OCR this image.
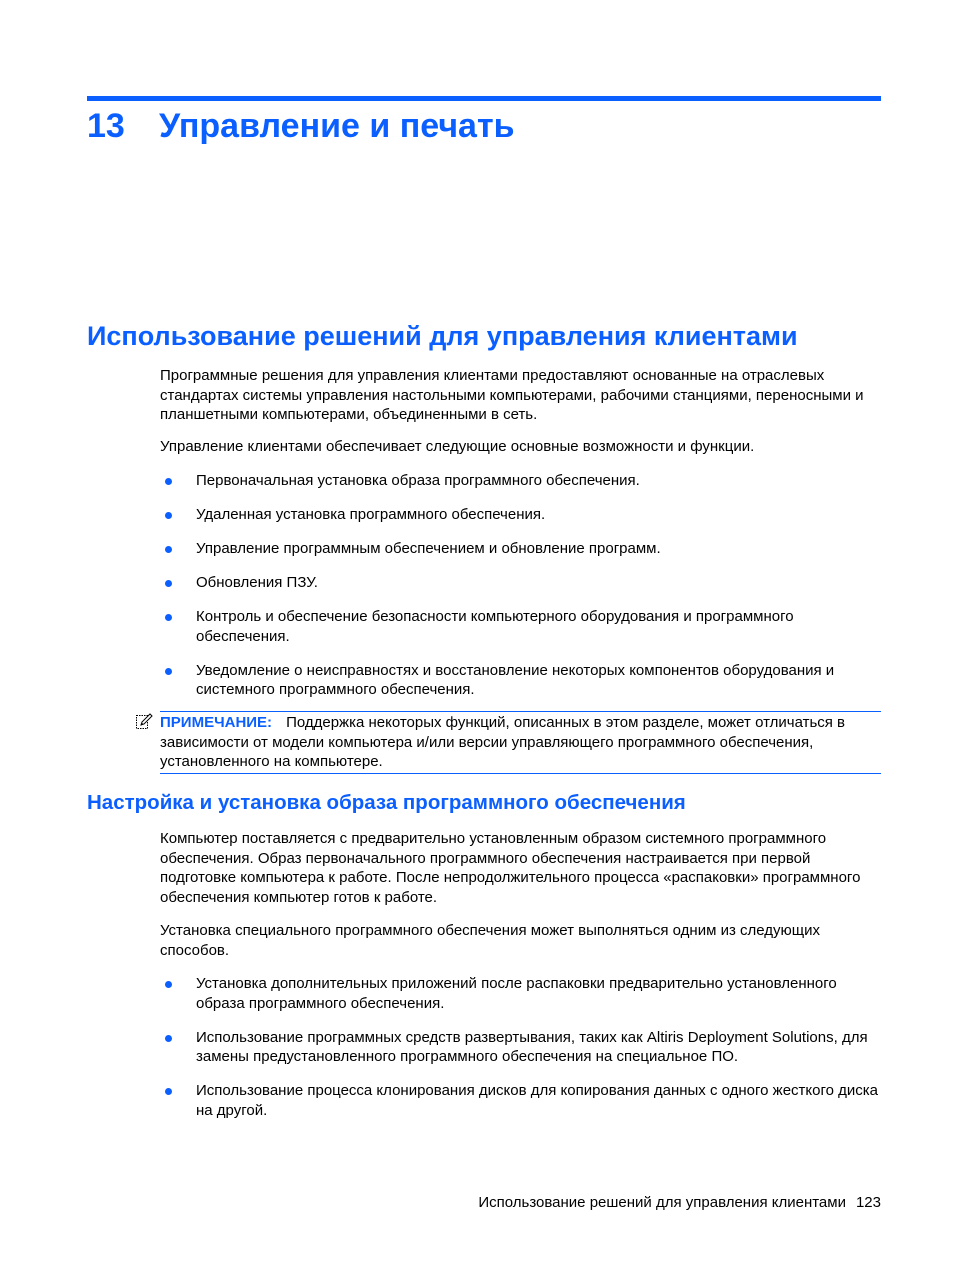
13 Управление и печать
Использование решений для управления клиентами

Программные решения для управления клиентами предоставляют основанные на отраслевых стандартах системы управления настольными компьютерами, рабочими станциями, переносными и планшетными компьютерами, объединенными в сеть.

Управление клиентами обеспечивает следующие основные возможности и функции.

Первоначальная установка образа программного обеспечения.
Удаленная установка программного обеспечения.
Управление программным обеспечением и обновление программ.
Обновления ПЗУ.
Контроль и обеспечение безопасности компьютерного оборудования и программного обеспечения.
Уведомление о неисправностях и восстановление некоторых компонентов оборудования и системного программного обеспечения.

ПРИМЕЧАНИЕ: Поддержка некоторых функций, описанных в этом разделе, может отличаться в зависимости от модели компьютера и/или версии управляющего программного обеспечения, установленного на компьютере.

Настройка и установка образа программного обеспечения

Компьютер поставляется с предварительно установленным образом системного программного обеспечения. Образ первоначального программного обеспечения настраивается при первой подготовке компьютера к работе. После непродолжительного процесса «распаковки» программного обеспечения компьютер готов к работе.

Установка специального программного обеспечения может выполняться одним из следующих способов.

Установка дополнительных приложений после распаковки предварительно установленного образа программного обеспечения.
Использование программных средств развертывания, таких как Altiris Deployment Solutions, для замены предустановленного программного обеспечения на специальное ПО.
Использование процесса клонирования дисков для копирования данных с одного жесткого диска на другой.
Использование решений для управления клиентами 123
